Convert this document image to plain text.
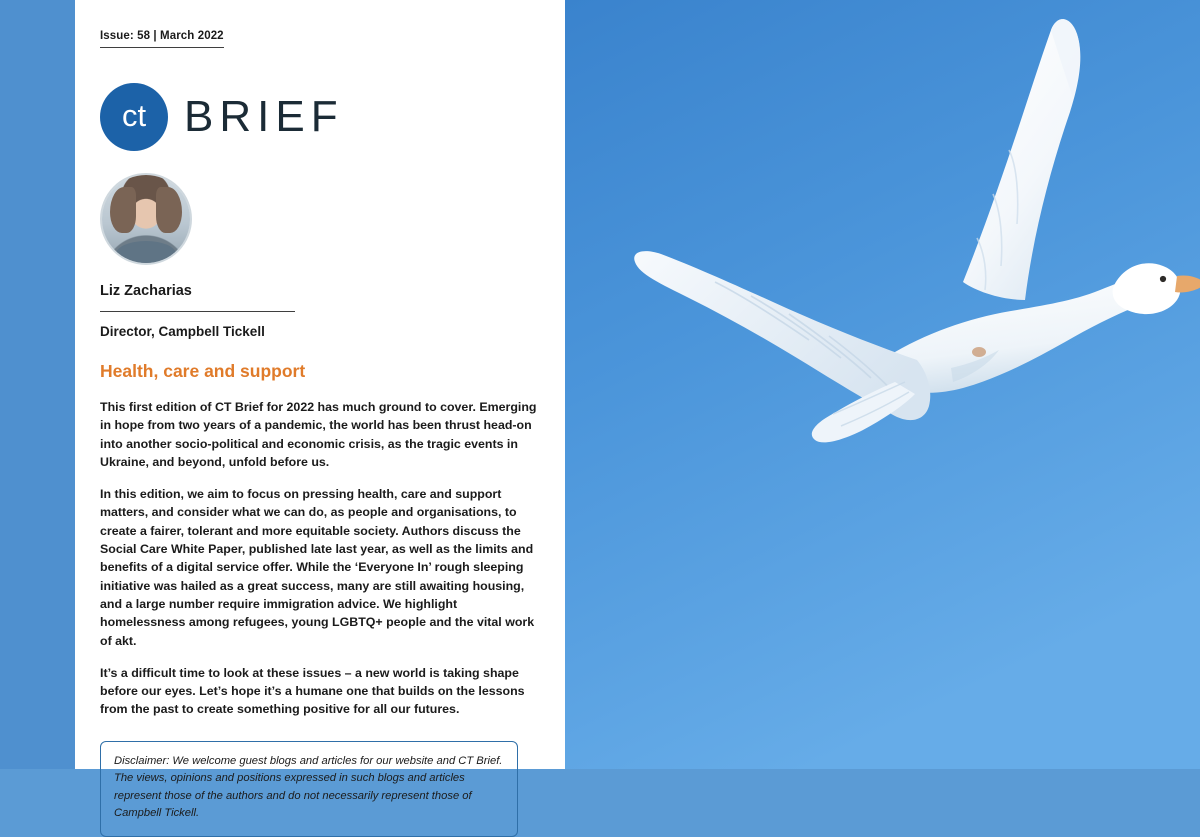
Issue: 58 | March 2022
ct BRIEF
Liz Zacharias
Director, Campbell Tickell
Health, care and support

This first edition of CT Brief for 2022 has much ground to cover. Emerging in hope from two years of a pandemic, the world has been thrust head-on into another socio-political and economic crisis, as the tragic events in Ukraine, and beyond, unfold before us.

In this edition, we aim to focus on pressing health, care and support matters, and consider what we can do, as people and organisations, to create a fairer, tolerant and more equitable society. Authors discuss the Social Care White Paper, published late last year, as well as the limits and benefits of a digital service offer. While the ‘Everyone In’ rough sleeping initiative was hailed as a great success, many are still awaiting housing, and a large number require immigration advice. We highlight homelessness among refugees, young LGBTQ+ people and the vital work of akt.

It’s a difficult time to look at these issues – a new world is taking shape before our eyes. Let’s hope it’s a humane one that builds on the lessons from the past to create something positive for all our futures.

Disclaimer: We welcome guest blogs and articles for our website and CT Brief. The views, opinions and positions expressed in such blogs and articles represent those of the authors and do not necessarily represent those of Campbell Tickell.
